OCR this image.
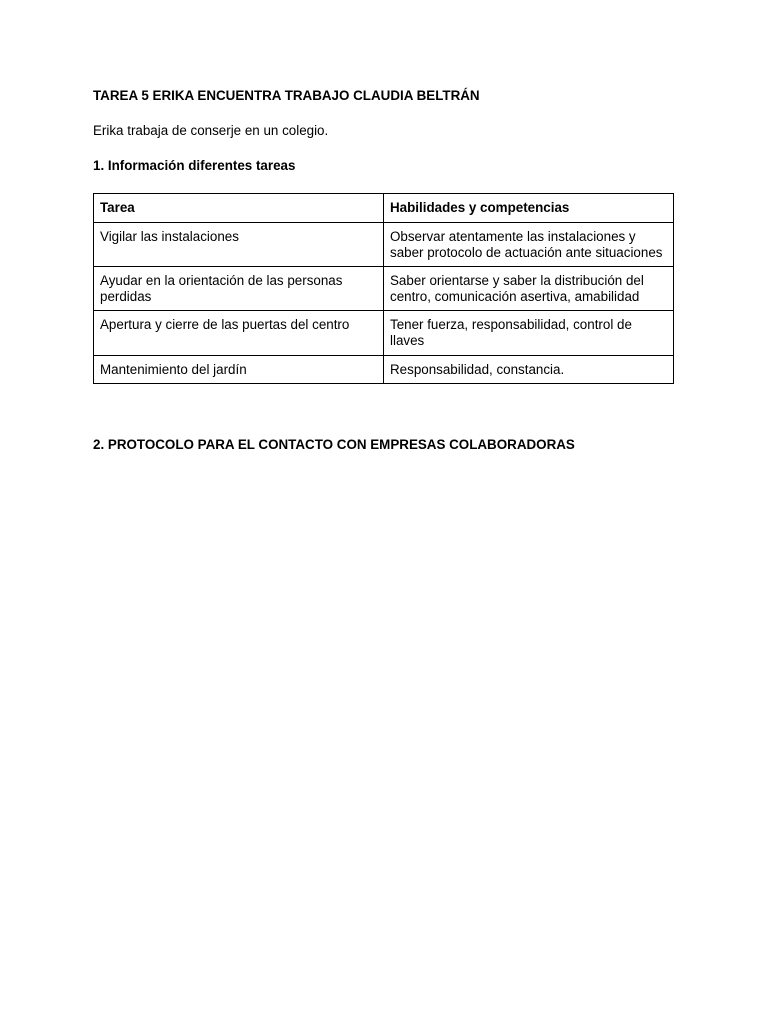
TAREA 5 ERIKA ENCUENTRA TRABAJO CLAUDIA BELTRÁN

Erika trabaja de conserje en un colegio.

1. Información diferentes tareas

Tarea	Habilidades y competencias
Vigilar las instalaciones	Observar atentamente las instalaciones y saber protocolo de actuación ante situaciones
Ayudar en la orientación de las personas perdidas	Saber orientarse y saber la distribución del centro, comunicación asertiva, amabilidad
Apertura y cierre de las puertas del centro	Tener fuerza, responsabilidad, control de llaves
Mantenimiento del jardín	Responsabilidad, constancia.

2. PROTOCOLO PARA EL CONTACTO CON EMPRESAS COLABORADORAS
